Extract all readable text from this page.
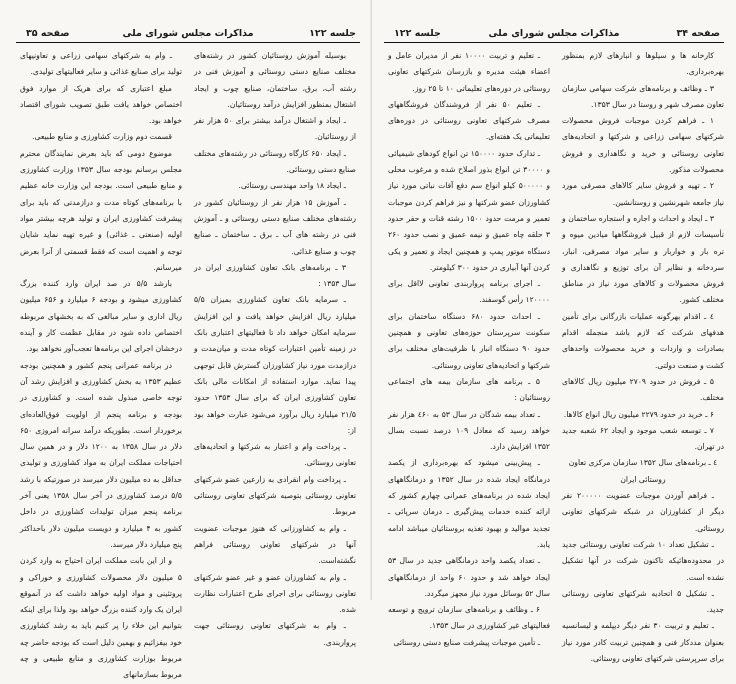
جلسه ۱۲۲
مذاکرات مجلس شورای ملی
صفحه ۳۵

بوسیله آموزش روستائیان کشور در رشته‌های مختلف صنایع دستی روستائی و آموزش فنی در رشته آب، برق، ساختمان، صنایع چوب و ایجاد اشتغال بمنظور افزایش درآمد روستائیان.

ـ ایجاد و اشتغال درآمد بیشتر برای ۵۰ هزار نفر از روستائیان.

ـ ایجاد ۶۵۰ کارگاه روستائی در رشته‌های مختلف صنایع دستی روستائی.

ـ ایجاد ۱۸ واحد مهندسی روستائی.

ـ آموزش ۱۵ هزار نفر از روستائیان کشور در رشته‌های مختلف صنایع دستی روستائی و ـ آموزش فنی در رشته های آب ـ برق ـ ساختمان ـ صنایع چوب و صنایع غذائی.

۳ ـ برنامه‌های بانک تعاون کشاورزی ایران در سال ۱۳۵۳ :

ـ سرمایه بانک تعاون کشاورزی بمیزان ۵/۵ میلیارد ریال افزایش خواهد یافت و این افزایش سرمایه امکان خواهد داد تا فعالیتهای اعتباری بانک در زمینه تأمین اعتبارات کوتاه مدت و میان‌مدت و درازمدت مورد نیاز کشاورزان گسترش قابل توجهی پیدا نماید. موارد استفاده از امکانات مالی بانک تعاون کشاورزی ایران که برای سال ۱۳۵۳ حدود ۲۱/۵ میلیارد ریال برآورد می‌شود عبارت خواهد بود از:

ـ پرداخت وام و اعتبار به شرکتها و اتحادیه‌های تعاونی روستائی.

ـ پرداخت وام انفرادی به زارعین عضو شرکتهای تعاونی روستائی بتوصیه شرکتهای تعاونی روستائی مربوط.

ـ وام به کشاورزانی که هنوز موجبات عضویت آنها در شرکتهای تعاونی روستائی فراهم نگشته‌است.

ـ وام به کشاورزان عضو و غیر عضو شرکتهای تعاونی روستائی برای اجرای طرح اعتبارات نظارت شده.

ـ وام به شرکتهای تعاونی روستائی جهت پرواربندی.

ـ وام به شرکتهای سهامی زراعی و تعاونیهای تولید برای صنایع غذائی و سایر فعالیتهای تولیدی.

مبلغ اعتباری که برای هریک از موارد فوق اختصاص خواهد یافت طبق تصویب شورای اقتصاد خواهد بود.

قسمت دوم وزارت کشاورزی و منابع طبیعی.

موضوع دومی که باید بعرض نمایندگان محترم مجلس برسانم بودجه سال ۱۳۵۳ وزارت کشاورزی و منابع طبیعی است. بودجه این وزارت خانه عظیم با برنامه‌های کوتاه مدت و درازمدتی که باید برای پیشرفت کشاورزی ایران و تولید هرچه بیشتر مواد اولیه (صنعتی ـ غذائی) و غیره تهیه نماید شایان توجه و اهمیت است که فقط قسمتی از آنرا بعرض میرسانم.

بارشد ۵/۵ در صد ایران وارد کننده بزرگ کشاورزی میشود و بودجه ۶ میلیارد و ۶۵۶ میلیون ریال اداری و سایر مبالغی که به بخشهای مربوطه اختصاص داده شود در مقابل عظمت کار و آینده درخشان اجرای این برنامه‌ها تعجب‌آور نخواهد بود.

در برنامه عمرانی پنجم کشور و همچنین بودجه عظیم ۱۳۵۳ به بخش کشاورزی و افزایش رشد آن توجه خاصی مبذول شده است. و کشاورزی در بودجه و برنامه پنجم از اولویت فوق‌العاده‌ای برخوردار است. بطوریکه درآمد سرانه امروزی ۶۵۰ دلار در سال ۱۳۵۸ به ۱۲۰۰ دلار و در همین سال احتیاجات مملکت ایران به مواد کشاورزی و تولیدی حداقل به ده میلیون دلار میرسد در صورتیکه با رشد ۵/۵ درصد کشاورزی در آخر سال ۱۳۵۸ یعنی آخر برنامه پنجم میزان تولیدات کشاورزی در داخل کشور به ۴ میلیارد و دویست میلیون دلار باحداکثر پنج میلیارد دلار میرسد.

و از این بابت مملکت ایران احتیاج به وارد کردن ۵ میلیون دلار محصولات کشاورزی و خوراکی و پروتئینی و مواد اولیه خواهد داشت که در آنموقع ایران یک وارد کننده بزرگ خواهد بود ولذا برای اینکه بتوانیم این خلاء را پر کنیم باید به رشد کشاورزی خود بیفزائیم و بهمین دلیل است که بودجه حاضر چه مربوط بوزارت کشاورزی و منابع طبیعی و چه مربوط بسازمانهای

صفحه ۳۴
مذاکرات مجلس شورای ملی
جلسه ۱۲۲

کارخانه ها و سیلوها و انبارهای لازم بمنظور بهره‌برداری.

۳ ـ وظائف و برنامه‌های شرکت سهامی سازمان تعاون مصرف شهر و روستا در سال ۱۳۵۳.

۱ ـ فراهم کردن موجبات فروش محصولات شرکتهای سهامی زراعی و شرکتها و اتحادیه‌های تعاونی روستائی و خرید و نگاهداری و فروش محصولات مذکور.

۲ ـ تهیه و فروش سایر کالاهای مصرفی مورد نیاز جامعه شهرنشین و روستانشین.

۳ ـ ایجاد و احداث و اجاره و استجاره ساختمان و تأسیسات لازم از قبیل فروشگاهها میادین میوه و تره بار و خواربار و سایر مواد مصرفی، انبار، سردخانه و نظایر آن برای توزیع و نگاهداری و فروش محصولات و کالاهای مورد نیاز در مناطق مختلف کشور.

٤ ـ اقدام بهرگونه عملیات بازرگانی برای تأمین هدفهای شرکت که لازم باشد منجمله اقدام بصادرات و واردات و خرید محصولات واحدهای کشت و صنعت دولتی.

۵ ـ فروش در حدود ۲۷۰۹ میلیون ریال کالاهای مختلف.

۶ ـ خرید در حدود ۲۲۷۹ میلیون ریال انواع کالاها.

۷ ـ توسعه شعب موجود و ایجاد ۶۲ شعبه جدید در تهران.

٤ ـ برنامه‌های سال ۱۳۵۲ سازمان مرکزی تعاون روستائی ایران

ـ فراهم آوردن موجبات عضویت ۲۰۰۰۰۰ نفر دیگر از کشاورزان در شبکه شرکتهای تعاونی روستائی.

ـ تشکیل تعداد ۱۰ شرکت تعاونی روستائی جدید در محدوده‌هائیکه تاکنون شرکت در آنها تشکیل نشده است.

ـ تشکیل ۵ اتحادیه شرکتهای تعاونی روستائی جدید.

ـ تعلیم و تربیت ۳۰ نفر دیگر دیپلمه و لیسانسیه بعنوان مددکار فنی و همچنین تربیت کادر مورد نیاز برای سرپرستی شرکتهای تعاونی روستائی.

ـ تعلیم و تربیت ۱۰۰۰۰ نفر از مدیران عامل و اعضاء هیئت مدیره و بازرسان شرکتهای تعاونی روستائی در دوره‌های تعلیماتی ۱۰ تا ۲۵ روز.

ـ تعلیم ۵۰ نفر از فروشندگان فروشگاههای مصرف شرکتهای تعاونی روستائی در دوره‌های تعلیماتی یک هفته‌ای.

ـ تدارک حدود ۱۵۰۰۰۰ تن انواع کودهای شیمیائی و ۳۰۰۰۰ تن انواع بذور اصلاح شده و مرغوب محلی و ۵۰۰۰۰۰ کیلو انواع سم دفع آفات نباتی مورد نیاز کشاورزان عضو شرکتها و نیز فراهم کردن موجبات تعمیر و مرمت حدود ۱۵۰۰ رشته قنات و حفر حدود ۳ حلقه چاه عمیق و نیمه عمیق و نصب حدود ۲۶۰ دستگاه موتور پمپ و همچنین ایجاد و تعمیر و یکی کردن آنها آبیاری در حدود ۳۰۰ کیلومتر.

ـ اجرای برنامه پرواربندی تعاونی لااقل برای ۱۲۰۰۰۰ رأس گوسفند.

ـ احداث حدود ۶۸۰ دستگاه ساختمان برای سکونت سرپرستان حوزه‌های تعاونی و همچنین حدود ۹۰ دستگاه انبار با ظرفیت‌های مختلف برای شرکتها و اتحادیه‌های تعاونی روستائی.

۵ ـ برنامه های سازمان بیمه های اجتماعی روستائیان :

ـ تعداد بیمه شدگان در سال ۵۳ به ٤۶۰ هزار نفر خواهد رسید که معادل ۱۰۹ درصد نسبت بسال ۱۳۵۲ افزایش دارد.

ـ پیش‌بینی میشود که بهره‌برداری از یکصد درمانگاه ایجاد شده در سال ۱۳۵۲ و درمانگاههای ایجاد شده در برنامه‌های عمرانی چهارم کشور که ارائه کننده خدمات پیش‌گیری ـ درمان سرپائی ـ تجدید موالید و بهبود تغذیه بروستائیان میباشد ادامه یابد.

ـ تعداد یکصد واحد درمانگاهی جدید در سال ۵۳ ایجاد خواهد شد و حدود ۶۰ واحد از درمانگاههای سال ۵۲ بوسائل مورد نیاز مجهز میگردد.

۶ ـ وظائف و برنامه‌های سازمان ترویج و توسعه فعالیتهای غیر کشاورزی در سال ۱۳۵۳.

ـ تأمین موجبات پیشرفت صنایع دستی روستائی
